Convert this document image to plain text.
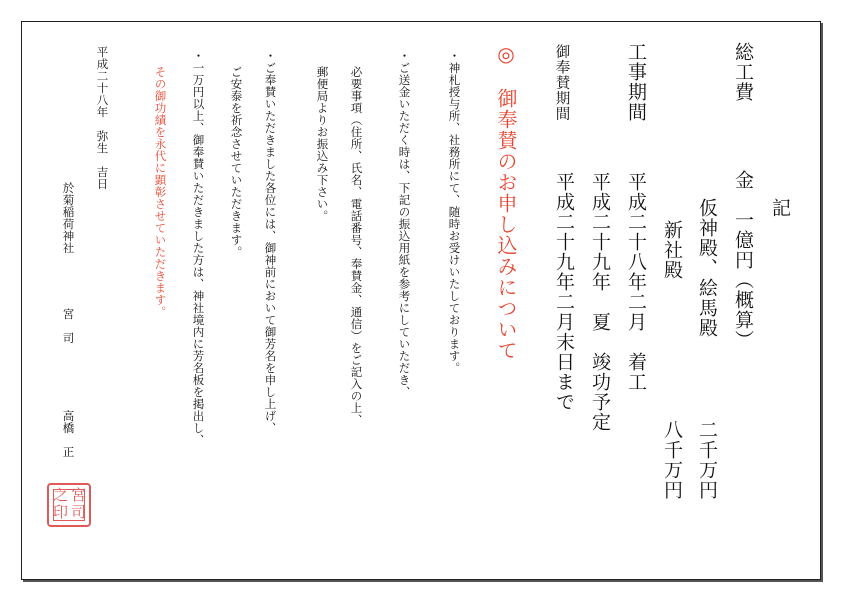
記
総工費
金　一億円（概算）
仮神殿、絵馬殿
二千万円
新社殿
八千万円
工事期間
平成二十八年二月　着工
平成二十九年　夏　竣功予定
御奉賛期間
平成二十九年二月末日まで
◎　御奉賛のお申し込みについて
・神札授与所、社務所にて、随時お受けいたしております。
・ご送金いただく時は、下記の振込用紙を参考にしていただき、
必要事項（住所、氏名、電話番号、奉賛金、通信）をご記入の上、
郵便局よりお振込み下さい。
・ご奉賛いただきました各位には、御神前において御芳名を申し上げ、
ご安泰を祈念させていただきます。
・一万円以上、御奉賛いただきました方は、神社境内に芳名板を掲出し、
その御功績を永代に顕彰させていただきます。
平成二十八年　弥生　吉日
於菊稲荷神社
宮　司
高橋　正
宮
司
之
印
